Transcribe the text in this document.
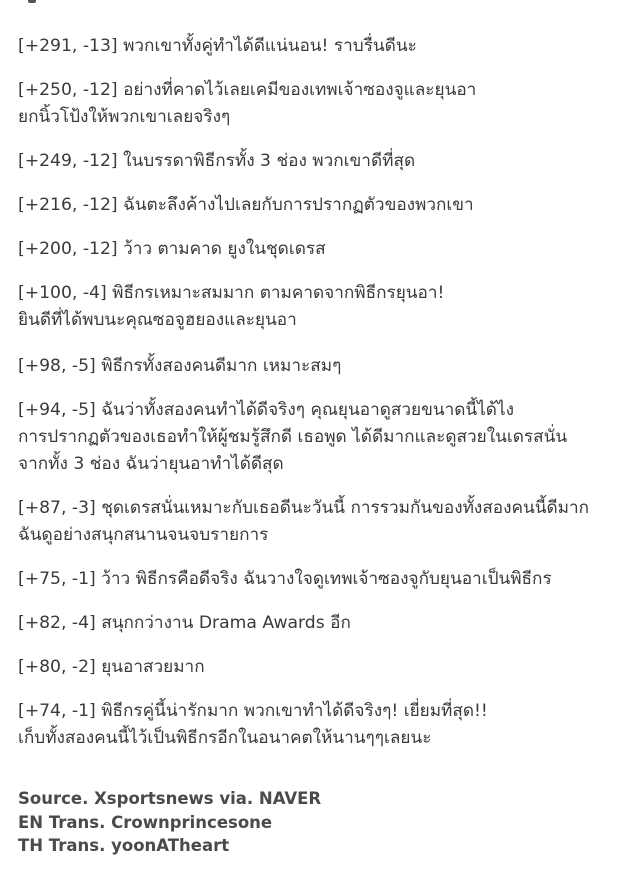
[+291, -13] พวกเขาทั้งคู่ทำได้ดีแน่นอน! ราบรื่นดีนะ
[+250, -12] อย่างที่คาดไว้เลยเคมีของเทพเจ้าซองจูและยุนอา
ยกนิ้วโป้งให้พวกเขาเลยจริงๆ
[+249, -12] ในบรรดาพิธีกรทั้ง 3 ช่อง พวกเขาดีที่สุด
[+216, -12] ฉันตะลึงค้างไปเลยกับการปรากฏตัวของพวกเขา
[+200, -12] ว้าว ตามคาด ยูงในชุดเดรส
[+100, -4] พิธีกรเหมาะสมมาก ตามคาดจากพิธีกรยุนอา!
ยินดีที่ได้พบนะคุณซอจูฮยองและยุนอา
[+98, -5] พิธีกรทั้งสองคนดีมาก เหมาะสมๆ
[+94, -5] ฉันว่าทั้งสองคนทำได้ดีจริงๆ คุณยุนอาดูสวยขนาดนี้ได้ไง
การปรากฏตัวของเธอทำให้ผู้ชมรู้สึกดี เธอพูด ได้ดีมากและดูสวยในเดรสนั่น
จากทั้ง 3 ช่อง ฉันว่ายุนอาทำได้ดีสุด
[+87, -3] ชุดเดรสนั่นเหมาะกับเธอดีนะวันนี้ การรวมกันของทั้งสองคนนี้ดีมาก
ฉันดูอย่างสนุกสนานจนจบรายการ
[+75, -1] ว้าว พิธีกรคือดีจริง ฉันวางใจดูเทพเจ้าซองจูกับยุนอาเป็นพิธีกร
[+82, -4] สนุกกว่างาน Drama Awards อีก
[+80, -2] ยุนอาสวยมาก
[+74, -1] พิธีกรคู่นี้น่ารักมาก พวกเขาทำได้ดีจริงๆ! เยี่ยมที่สุด!!
เก็บทั้งสองคนนี้ไว้เป็นพิธีกรอีกในอนาคตให้นานๆๆเลยนะ
Source. Xsportsnews via. NAVER
EN Trans. Crownprincesone
TH Trans. yoonATheart
